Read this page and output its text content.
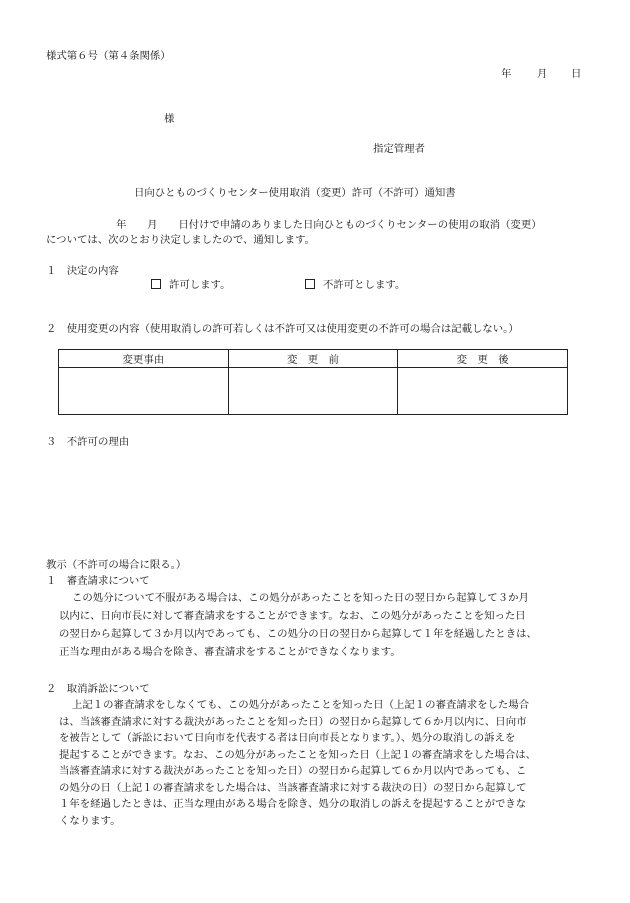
様式第６号（第４条関係）
年 月 日
様
指定管理者
日向ひとものづくりセンター使用取消（変更）許可（不許可）通知書
年　　月　　日付けで申請のありました日向ひとものづくりセンターの使用の取消（変更）
については、次のとおり決定しましたので、通知します。
１　決定の内容
許可します。	不許可とします。
２　使用変更の内容（使用取消しの許可若しくは不許可又は使用変更の不許可の場合は記載しない。）
変更事由	変　更　前	変　更　後

３　不許可の理由
教示（不許可の場合に限る。）
１　審査請求について
この処分について不服がある場合は、この処分があったことを知った日の翌日から起算して３か月
以内に、日向市長に対して審査請求をすることができます。なお、この処分があったことを知った日
の翌日から起算して３か月以内であっても、この処分の日の翌日から起算して１年を経過したときは、
正当な理由がある場合を除き、審査請求をすることができなくなります。
２　取消訴訟について
上記１の審査請求をしなくても、この処分があったことを知った日（上記１の審査請求をした場合
は、当該審査請求に対する裁決があったことを知った日）の翌日から起算して６か月以内に、日向市
を被告として（訴訟において日向市を代表する者は日向市長となります。）、処分の取消しの訴えを
提起することができます。なお、この処分があったことを知った日（上記１の審査請求をした場合は、
当該審査請求に対する裁決があったことを知った日）の翌日から起算して６か月以内であっても、こ
の処分の日（上記１の審査請求をした場合は、当該審査請求に対する裁決の日）の翌日から起算して
１年を経過したときは、正当な理由がある場合を除き、処分の取消しの訴えを提起することができな
くなります。
